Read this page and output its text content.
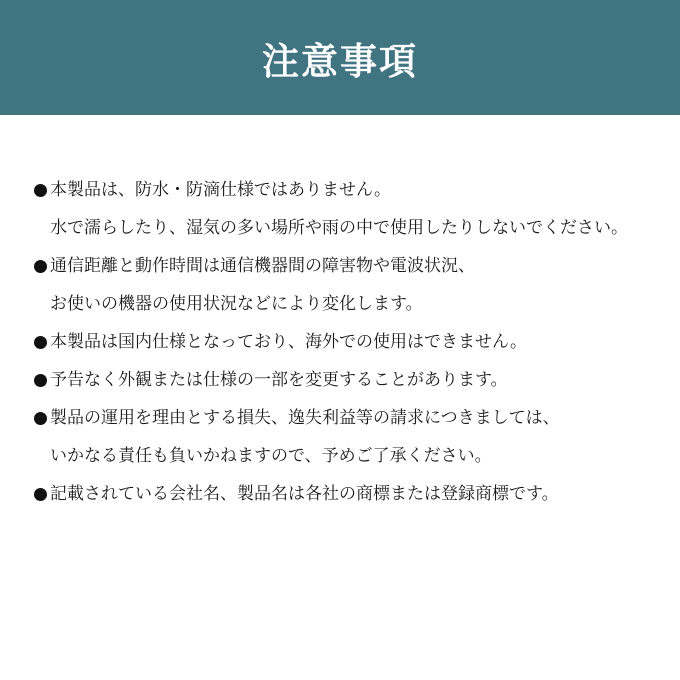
注意事項
本製品は、防水・防滴仕様ではありません。
水で濡らしたり、湿気の多い場所や雨の中で使用したりしないでください。
通信距離と動作時間は通信機器間の障害物や電波状況、
お使いの機器の使用状況などにより変化します。
本製品は国内仕様となっており、海外での使用はできません。
予告なく外観または仕様の一部を変更することがあります。
製品の運用を理由とする損失、逸失利益等の請求につきましては、
いかなる責任も負いかねますので、予めご了承ください。
記載されている会社名、製品名は各社の商標または登録商標です。
